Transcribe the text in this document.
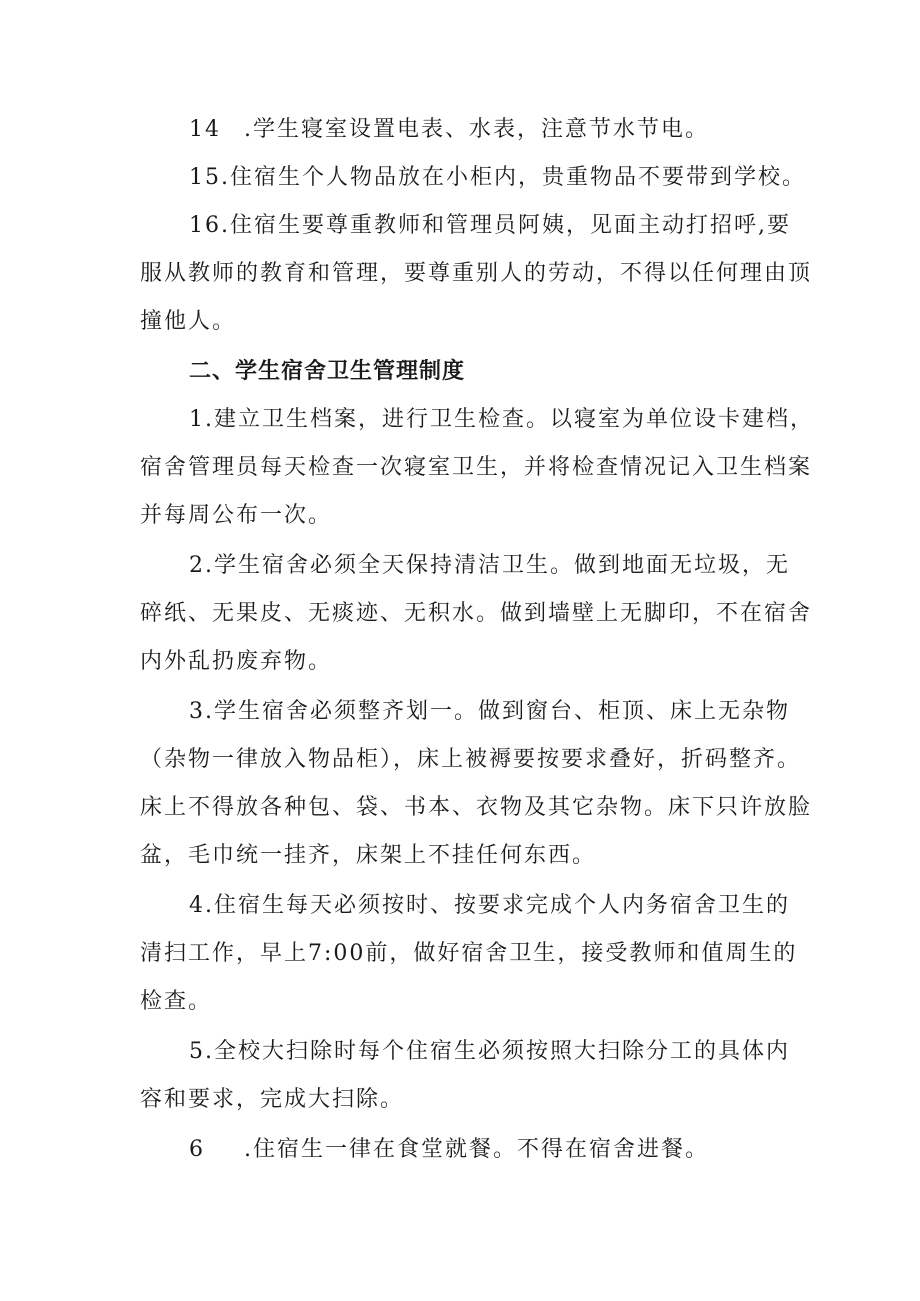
14 .学生寝室设置电表、水表，注意节水节电。
15.住宿生个人物品放在小柜内，贵重物品不要带到学校。
16.住宿生要尊重教师和管理员阿姨，见面主动打招呼,要
服从教师的教育和管理，要尊重别人的劳动，不得以任何理由顶
撞他人。
二、学生宿舍卫生管理制度
1.建立卫生档案，进行卫生检查。以寝室为单位设卡建档，
宿舍管理员每天检查一次寝室卫生，并将检查情况记入卫生档案
并每周公布一次。
2.学生宿舍必须全天保持清洁卫生。做到地面无垃圾，无
碎纸、无果皮、无痰迹、无积水。做到墙壁上无脚印，不在宿舍
内外乱扔废弃物。
3.学生宿舍必须整齐划一。做到窗台、柜顶、床上无杂物
（杂物一律放入物品柜），床上被褥要按要求叠好，折码整齐。
床上不得放各种包、袋、书本、衣物及其它杂物。床下只许放脸
盆，毛巾统一挂齐，床架上不挂任何东西。
4.住宿生每天必须按时、按要求完成个人内务宿舍卫生的
清扫工作，早上7:00前，做好宿舍卫生，接受教师和值周生的
检查。
5.全校大扫除时每个住宿生必须按照大扫除分工的具体内
容和要求，完成大扫除。
6 .住宿生一律在食堂就餐。不得在宿舍进餐。
